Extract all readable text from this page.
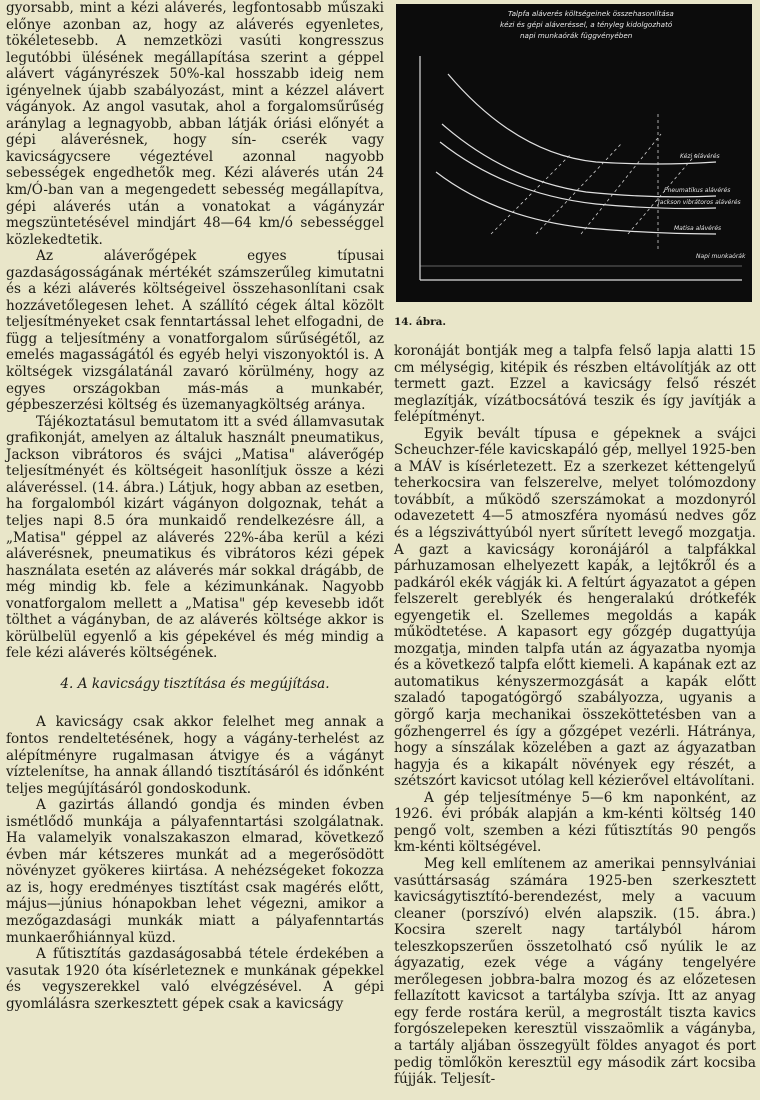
gyorsabb, mint a kézi aláverés, legfontosabb műszaki előnye azonban az, hogy az aláverés egyenletes, tökéletesebb. A nemzetközi vasúti kongresszus legutóbbi ülésének megállapítása szerint a géppel alávert vágányrészek 50%-kal hosszabb ideig nem igényelnek újabb szabályozást, mint a kézzel alávert vágányok. Az angol vasutak, ahol a forgalomsűrűség aránylag a legnagyobb, abban látják óriási előnyét a gépi aláverésnek, hogy sín- cserék vagy kavicságycsere végeztével azonnal nagyobb sebességek engedhetők meg. Kézi aláverés után 24 km/Ó-ban van a megengedett sebesség megállapítva, gépi aláverés után a vonatokat a vágányzár megszüntetésével mindjárt 48—64 km/ó sebességgel közlekedtetik.

Az aláverőgépek egyes típusai gazdaságosságának mértékét számszerűleg kimutatni és a kézi aláverés költségeivel összehasonlítani csak hozzávetőlegesen lehet. A szállító cégek által közölt teljesítményeket csak fenntartással lehet elfogadni, de függ a teljesítmény a vonatforgalom sűrűségétől, az emelés magasságától és egyéb helyi viszonyoktól is. A költségek vizsgálatánál zavaró körülmény, hogy az egyes országokban más-más a munkabér, gépbeszerzési költség és üzemanyagköltség aránya.

Tájékoztatásul bemutatom itt a svéd államvasutak grafikonját, amelyen az általuk használt pneumatikus, Jackson vibrátoros és svájci „Matisa" aláverőgép teljesítményét és költségeit hasonlítjuk össze a kézi aláveréssel. (14. ábra.) Látjuk, hogy abban az esetben, ha forgalomból kizárt vágányon dolgoznak, tehát a teljes napi 8.5 óra munkaidő rendelkezésre áll, a „Matisa" géppel az aláverés 22%-ába kerül a kézi aláverésnek, pneumatikus és vibrátoros kézi gépek használata esetén az aláverés már sokkal drágább, de még mindig kb. fele a kézimunkának. Nagyobb vonatforgalom mellett a „Matisa" gép kevesebb időt tölthet a vágányban, de az aláverés költsége akkor is körülbelül egyenlő a kis gépekével és még mindig a fele kézi aláverés költségének.

4. A kavicságy tisztítása és megújítása.

A kavicságy csak akkor felelhet meg annak a fontos rendeltetésének, hogy a vágány-terhelést az alépítményre rugalmasan átvigye és a vágányt víztelenítse, ha annak állandó tisztításáról és időnként teljes megújításáról gondoskodunk.

A gazirtás állandó gondja és minden évben ismétlődő munkája a pályafenntartási szolgálatnak. Ha valamelyik vonalszakaszon elmarad, következő évben már kétszeres munkát ad a megerősödött növényzet gyökeres kiirtása. A nehézségeket fokozza az is, hogy eredményes tisztítást csak magérés előtt, május—június hónapokban lehet végezni, amikor a mezőgazdasági munkák miatt a pályafenntartás munkaerőhiánnyal küzd.

A fűtisztítás gazdaságosabbá tétele érdekében a vasutak 1920 óta kísérleteznek e munkának gépekkel és vegyszerekkel való elvégzésével. A gépi gyomlálásra szerkesztett gépek csak a kavicságy

Talpfa aláverés költségeinek összehasonlítása
kézi és gépi aláveréssel, a tényleg kidolgozható
napi munkaórák függvényében
Kézi alávérés
Pneumatikus alávérés
Jackson vibrátoros alávérés
Matisa alávérés
Napi munkaórák
14. ábra.

koronáját bontják meg a talpfa felső lapja alatti 15 cm mélységig, kitépik és részben eltávolítják az ott termett gazt. Ezzel a kavicságy felső részét meglazítják, vízátbocsátóvá teszik és így javítják a felépítményt.

Egyik bevált típusa e gépeknek a svájci Scheuchzer-féle kavicskapáló gép, mellyel 1925-ben a MÁV is kísérletezett. Ez a szerkezet kéttengelyű teherkocsira van felszerelve, melyet tolómozdony továbbít, a működő szerszámokat a mozdonyról odavezetett 4—5 atmoszféra nyomású nedves gőz és a légsziváttyúból nyert sűrített levegő mozgatja. A gazt a kavicságy koronájáról a talpfákkal párhuzamosan elhelyezett kapák, a lejtőkről és a padkáról ekék vágják ki. A feltúrt ágyazatot a gépen felszerelt gereblyék és hengeralakú drótkefék egyengetik el. Szellemes megoldás a kapák működtetése. A kapasort egy gőzgép dugattyúja mozgatja, minden talpfa után az ágyazatba nyomja és a következő talpfa előtt kiemeli. A kapának ezt az automatikus kényszermozgását a kapák előtt szaladó tapogatógörgő szabályozza, ugyanis a görgő karja mechanikai összeköttetésben van a gőzhengerrel és így a gőzgépet vezérli. Hátránya, hogy a sínszálak közelében a gazt az ágyazatban hagyja és a kikapált növények egy részét, a szétszórt kavicsot utólag kell kézierővel eltávolítani.

A gép teljesítménye 5—6 km naponként, az 1926. évi próbák alapján a km-kénti költség 140 pengő volt, szemben a kézi fűtisztítás 90 pengős km-kénti költségével.

Meg kell említenem az amerikai pennsylvániai vasúttársaság számára 1925-ben szerkesztett kavicságytisztító-berendezést, mely a vacuum cleaner (porszívó) elvén alapszik. (15. ábra.) Kocsira szerelt nagy tartályból három teleszkopszerűen összetolható cső nyúlik le az ágyazatig, ezek vége a vágány tengelyére merőlegesen jobbra-balra mozog és az előzetesen fellazított kavicsot a tartályba szívja. Itt az anyag egy ferde rostára kerül, a megrostált tiszta kavics forgószelepeken keresztül visszaömlik a vágányba, a tartály aljában összegyült földes anyagot és port pedig tömlőkön keresztül egy második zárt kocsiba fújják. Teljesít-
